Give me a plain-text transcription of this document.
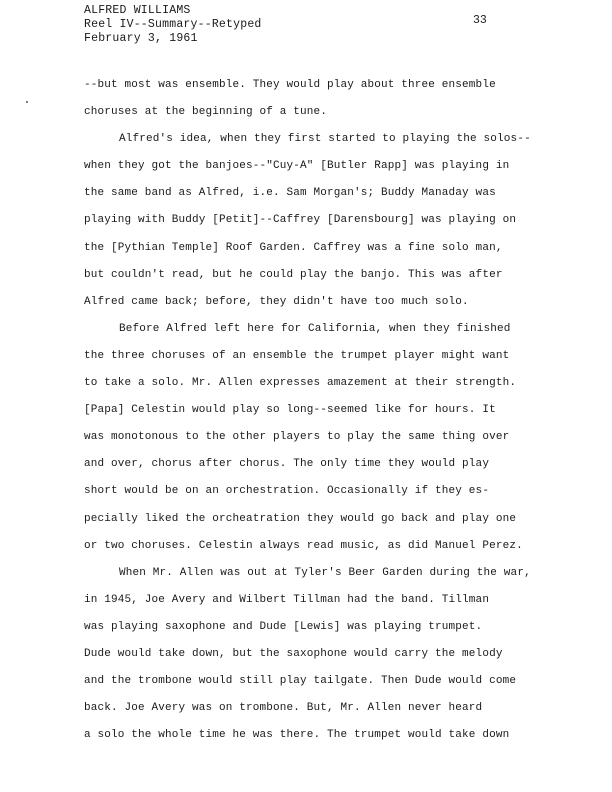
ALFRED WILLIAMS
Reel IV--Summary--Retyped
February 3, 1961
33
--but most was ensemble. They would play about three ensemble
choruses at the beginning of a tune.
Alfred's idea, when they first started to playing the solos--
when they got the banjoes--"Cuy-A" [Butler Rapp] was playing in
the same band as Alfred, i.e. Sam Morgan's; Buddy Manaday was
playing with Buddy [Petit]--Caffrey [Darensbourg] was playing on
the [Pythian Temple] Roof Garden. Caffrey was a fine solo man,
but couldn't read, but he could play the banjo. This was after
Alfred came back; before, they didn't have too much solo.
Before Alfred left here for California, when they finished
the three choruses of an ensemble the trumpet player might want
to take a solo. Mr. Allen expresses amazement at their strength.
[Papa] Celestin would play so long--seemed like for hours. It
was monotonous to the other players to play the same thing over
and over, chorus after chorus. The only time they would play
short would be on an orchestration. Occasionally if they es-
pecially liked the orcheatration they would go back and play one
or two choruses. Celestin always read music, as did Manuel Perez.
When Mr. Allen was out at Tyler's Beer Garden during the war,
in 1945, Joe Avery and Wilbert Tillman had the band. Tillman
was playing saxophone and Dude [Lewis] was playing trumpet.
Dude would take down, but the saxophone would carry the melody
and the trombone would still play tailgate. Then Dude would come
back. Joe Avery was on trombone. But, Mr. Allen never heard
a solo the whole time he was there. The trumpet would take down
